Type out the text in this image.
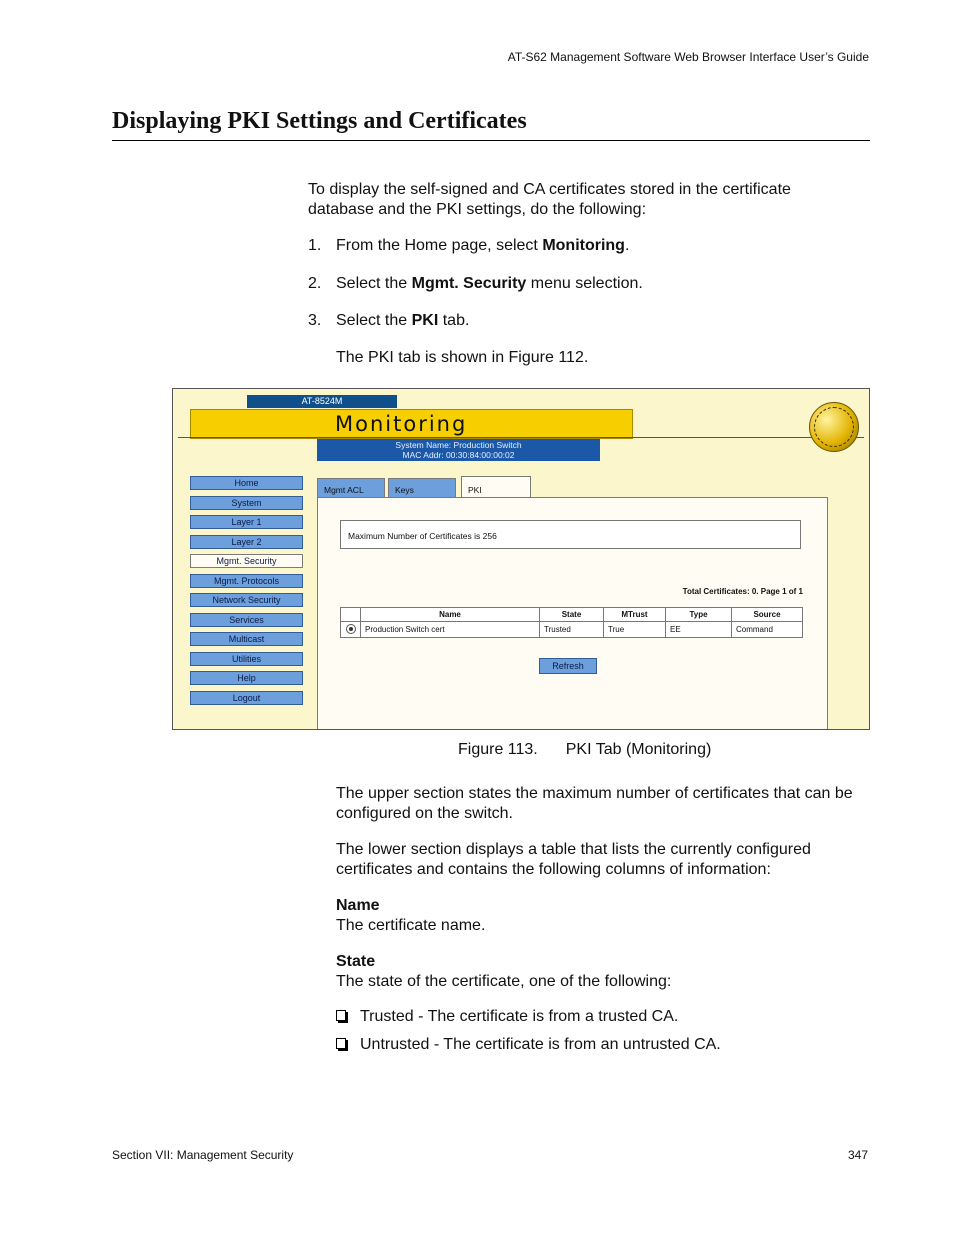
AT-S62 Management Software Web Browser Interface User’s Guide
Displaying PKI Settings and Certificates
To display the self-signed and CA certificates stored in the certificate database and the PKI settings, do the following:
1. From the Home page, select Monitoring.
2. Select the Mgmt. Security menu selection.
3. Select the PKI tab.
The PKI tab is shown in Figure 112.
AT-8524M
Monitoring
System Name: Production Switch
MAC Addr: 00:30:84:00:00:02
Home
System
Layer 1
Layer 2
Mgmt. Security
Mgmt. Protocols
Network Security
Services
Multicast
Utilities
Help
Logout
Mgmt ACL	Keys	PKI
Maximum Number of Certificates is 256
Total Certificates: 0. Page 1 of 1
	Name	State	MTrust	Type	Source
	Production Switch cert	Trusted	True	EE	Command
Refresh
Figure 113. PKI Tab (Monitoring)
The upper section states the maximum number of certificates that can be configured on the switch.
The lower section displays a table that lists the currently configured certificates and contains the following columns of information:
Name
The certificate name.
State
The state of the certificate, one of the following:
Trusted - The certificate is from a trusted CA.
Untrusted - The certificate is from an untrusted CA.
Section VII: Management Security	347
